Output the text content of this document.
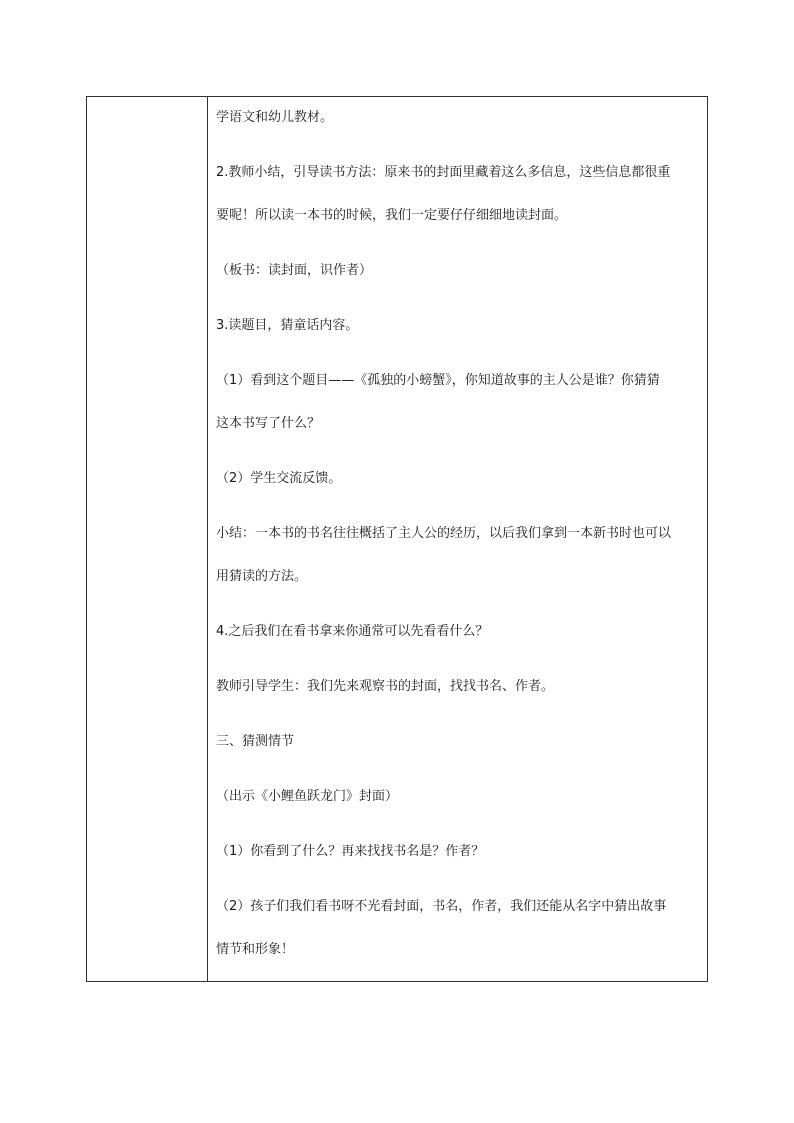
学语文和幼儿教材。

2.教师小结，引导读书方法：原来书的封面里藏着这么多信息，这些信息都很重

要呢！所以读一本书的时候，我们一定要仔仔细细地读封面。

（板书：读封面，识作者）

3.读题目，猜童话内容。

（1）看到这个题目——《孤独的小螃蟹》，你知道故事的主人公是谁？你猜猜

这本书写了什么？

（2）学生交流反馈。

小结：一本书的书名往往概括了主人公的经历，以后我们拿到一本新书时也可以

用猜读的方法。

4.之后我们在看书拿来你通常可以先看看什么？

教师引导学生：我们先来观察书的封面，找找书名、作者。

三、猜测情节

（出示《小鲤鱼跃龙门》封面）

（1）你看到了什么？再来找找书名是？作者？

（2）孩子们我们看书呀不光看封面，书名，作者，我们还能从名字中猜出故事

情节和形象！
